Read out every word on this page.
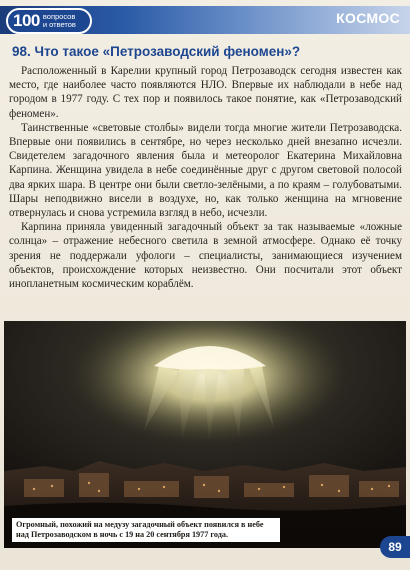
100 вопросов
и ответов	КОСМОС
98. Что такое «Петрозаводский феномен»?

Расположенный в Карелии крупный город Петрозаводск сегодня известен как место, где наиболее часто появляются НЛО. Впервые их наблюдали в небе над городом в 1977 году. С тех пор и появилось такое понятие, как «Петрозаводский феномен».

Таинственные «световые столбы» видели тогда многие жители Петрозаводска. Впервые они появились в сентябре, но через несколько дней внезапно исчезли. Свидетелем загадочного явления была и метеоролог Екатерина Михайловна Карпина. Женщина увидела в небе соединённые друг с другом световой полосой два ярких шара. В центре они были светло-зелёными, а по краям – голубоватыми. Шары неподвижно висели в воздухе, но, как только женщина на мгновение отвернулась и снова устремила взгляд в небо, исчезли.

Карпина приняла увиденный загадочный объект за так называемые «ложные солнца» – отражение небесного светила в земной атмосфере. Однако её точку зрения не поддержали уфологи – специалисты, занимающиеся изучением объектов, происхождение которых неизвестно. Они посчитали этот объект инопланетным космическим кораблём.

Огромный, похожий на медузу загадочный объект появился в небе над Петрозаводском в ночь с 19 на 20 сентября 1977 года.
89
